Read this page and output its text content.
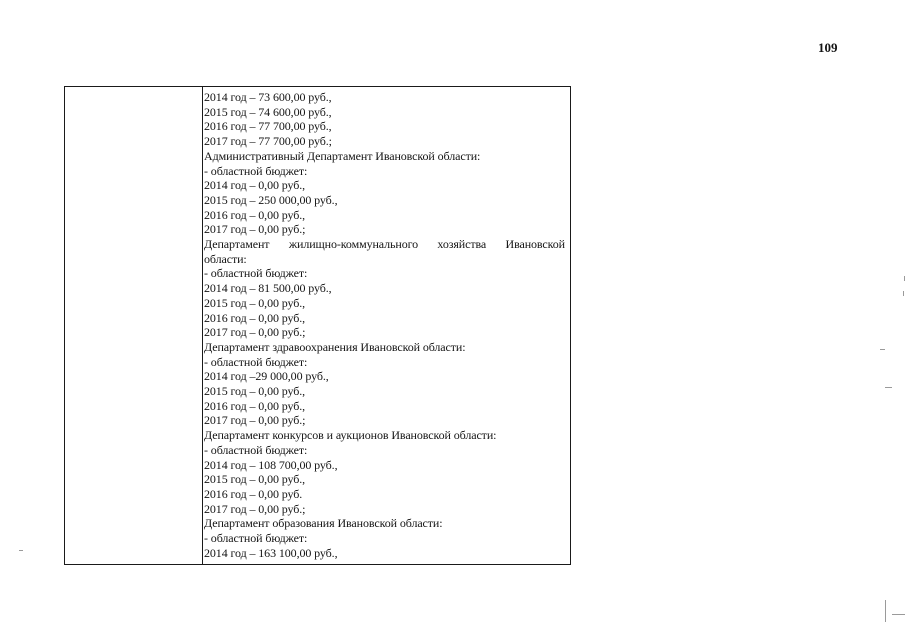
109
2014 год – 73 600,00 руб.,
2015 год – 74 600,00 руб.,
2016 год – 77 700,00 руб.,
2017 год – 77 700,00 руб.;
Административный Департамент Ивановской области:
- областной бюджет:
2014 год – 0,00 руб.,
2015 год – 250 000,00 руб.,
2016 год – 0,00 руб.,
2017 год – 0,00 руб.;
Департамент жилищно-коммунального хозяйства Ивановской
области:
- областной бюджет:
2014 год – 81 500,00 руб.,
2015 год – 0,00 руб.,
2016 год – 0,00 руб.,
2017 год – 0,00 руб.;
Департамент здравоохранения Ивановской области:
- областной бюджет:
2014 год –29 000,00 руб.,
2015 год – 0,00 руб.,
2016 год – 0,00 руб.,
2017 год – 0,00 руб.;
Департамент конкурсов и аукционов Ивановской области:
- областной бюджет:
2014 год – 108 700,00 руб.,
2015 год – 0,00 руб.,
2016 год – 0,00 руб.
2017 год – 0,00 руб.;
Департамент образования Ивановской области:
- областной бюджет:
2014 год – 163 100,00 руб.,
